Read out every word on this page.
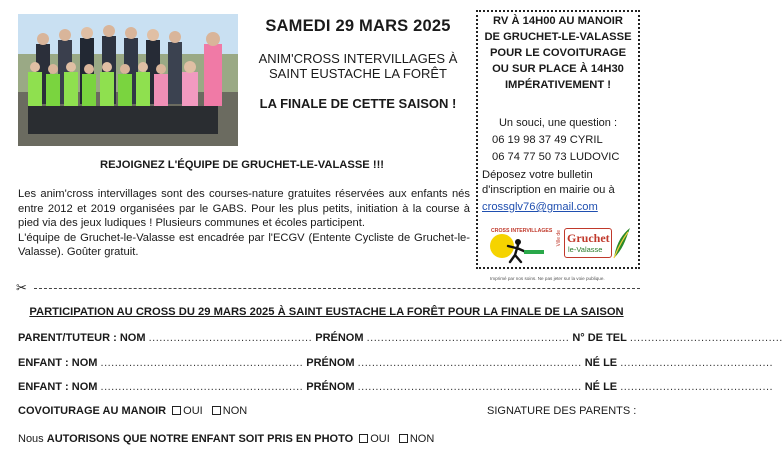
SAMEDI 29 MARS 2025
ANIM'CROSS INTERVILLAGES À
SAINT EUSTACHE LA FORÊT
LA FINALE DE CETTE SAISON !
RV À 14H00 AU MANOIR
DE GRUCHET-LE-VALASSE
POUR LE COVOITURAGE
OU SUR PLACE À 14H30
IMPÉRATIVEMENT !
Un souci, une question :
06 19 98 37 49 CYRIL
06 74 77 50 73 LUDOVIC
Déposez votre bulletin d'inscription en mairie ou à
crossglv76@gmail.com
CROSS INTERVILLAGES Ville de Gruchet
le-Valasse
REJOIGNEZ L'ÉQUIPE DE GRUCHET-LE-VALASSE !!!

Les anim'cross intervillages sont des courses-nature gratuites réservées aux enfants nés entre 2012 et 2019 organisées par le GABS. Pour les plus petits, initiation à la course à pied via des jeux ludiques ! Plusieurs communes et écoles participent.

L'équipe de Gruchet-le-Valasse est encadrée par l'ECGV (Entente Cycliste de Gruchet-le-Valasse). Goûter gratuit.

Imprimé par nos soins. Ne pas jeter sur la voie publique.
✂
PARTICIPATION AU CROSS DU 29 MARS 2025 À SAINT EUSTACHE LA FORÊT POUR LA FINALE DE LA SAISON
PARENT/TUTEUR : NOM .............................................. PRÉNOM ......................................................... N° DE TEL ...........................................
ENFANT : NOM ......................................................... PRÉNOM ............................................................... NÉ LE ...........................................
ENFANT : NOM ......................................................... PRÉNOM ............................................................... NÉ LE ...........................................
COVOITURAGE AU MANOIR OUI NON	SIGNATURE DES PARENTS :
Nous AUTORISONS QUE NOTRE ENFANT SOIT PRIS EN PHOTO OUI NON
